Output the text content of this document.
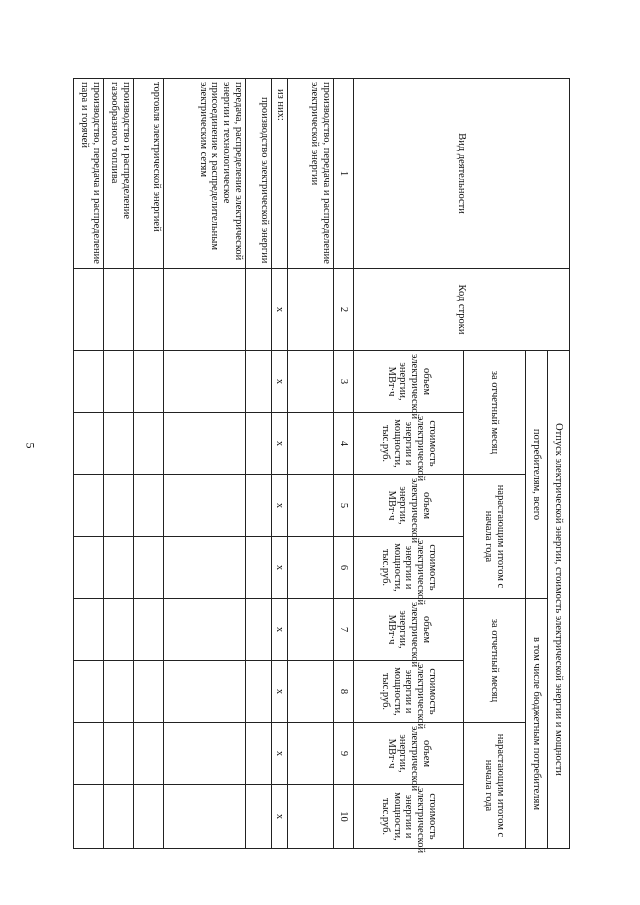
5
Вид деятельности	Код строки	Отпуск электрической энергии, стоимость электрической энергии и мощности							
		потребителям, всего				в том числе бюджетным потребителям			
		за отчетный месяц		нарастающим итогом с начала года		за отчетный месяц		нарастающим итогом с начала года	
		объем электрической энергии, МВт·ч	стоимость электрической энергии и мощности, тыс.руб.	объем электрической энергии, МВт·ч	стоимость электрической энергии и мощности, тыс.руб.	объем электрической энергии, МВт·ч	стоимость электрической энергии и мощности, тыс.руб.	объем электрической энергии, МВт·ч	стоимость электрической энергии и мощности, тыс.руб.
1	2	3	4	5	6	7	8	9	10
производство, передача и распределение электрической энергии									
из них:	х	х	х	х	х	х	х	х	х
производство электрической энергии									
передача, распределение электрической энергии и технологическое присоединение к распределительным электрическим сетям									
торговля электрической энергией									
производство и распределение газообразного топлива									
производство, передача и распределение пара и горячей									
